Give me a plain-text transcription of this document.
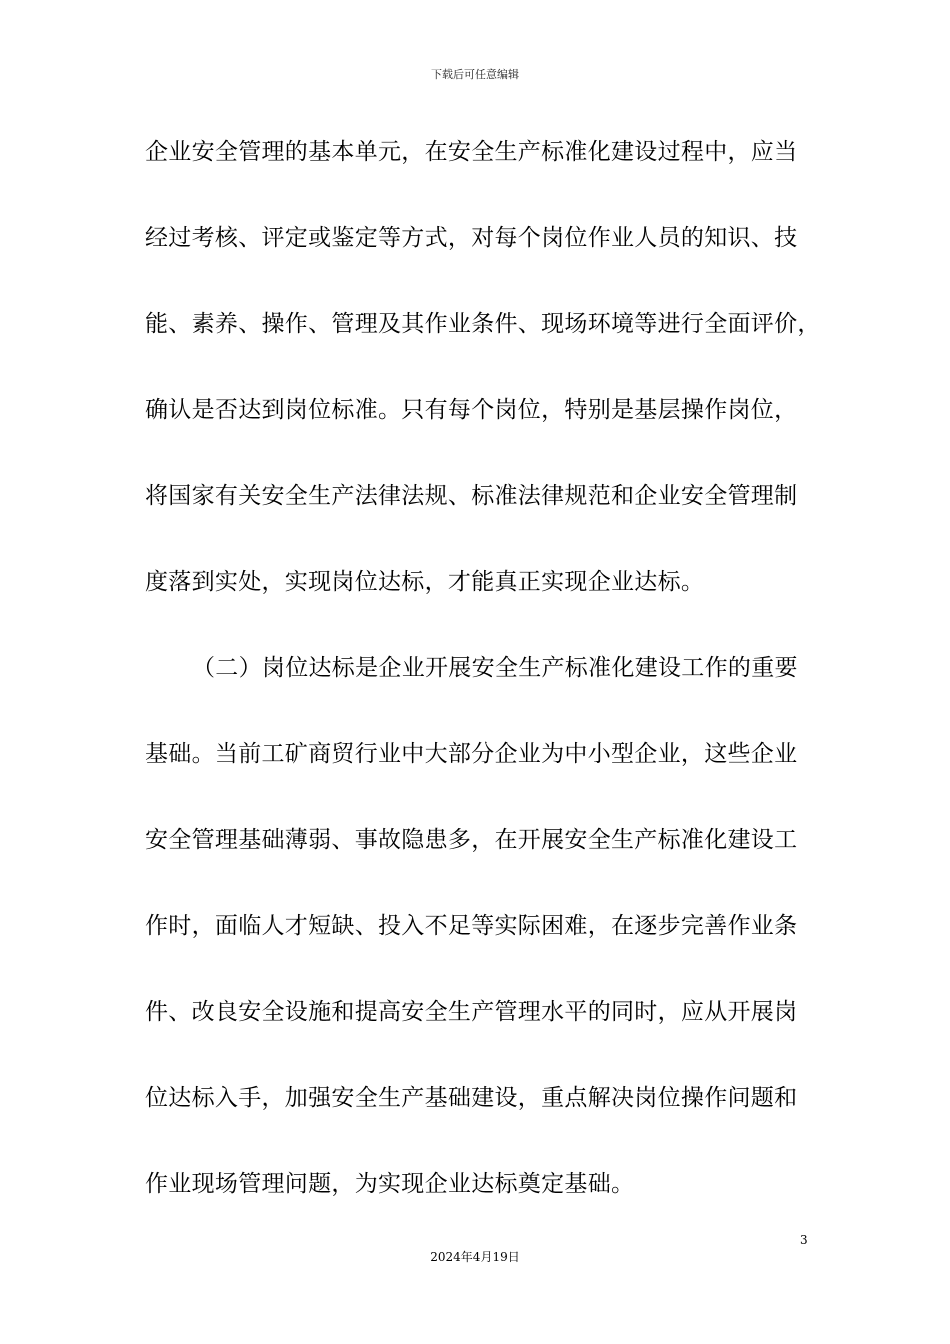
下载后可任意编辑
企业安全管理的基本单元，在安全生产标准化建设过程中，应当
经过考核、评定或鉴定等方式，对每个岗位作业人员的知识、技
能、素养、操作、管理及其作业条件、现场环境等进行全面评价，
确认是否达到岗位标准。只有每个岗位，特别是基层操作岗位，
将国家有关安全生产法律法规、标准法律规范和企业安全管理制
度落到实处，实现岗位达标，才能真正实现企业达标。
（二）岗位达标是企业开展安全生产标准化建设工作的重要
基础。当前工矿商贸行业中大部分企业为中小型企业，这些企业
安全管理基础薄弱、事故隐患多，在开展安全生产标准化建设工
作时，面临人才短缺、投入不足等实际困难，在逐步完善作业条
件、改良安全设施和提高安全生产管理水平的同时，应从开展岗
位达标入手，加强安全生产基础建设，重点解决岗位操作问题和
作业现场管理问题，为实现企业达标奠定基础。
3
2024年4月19日
